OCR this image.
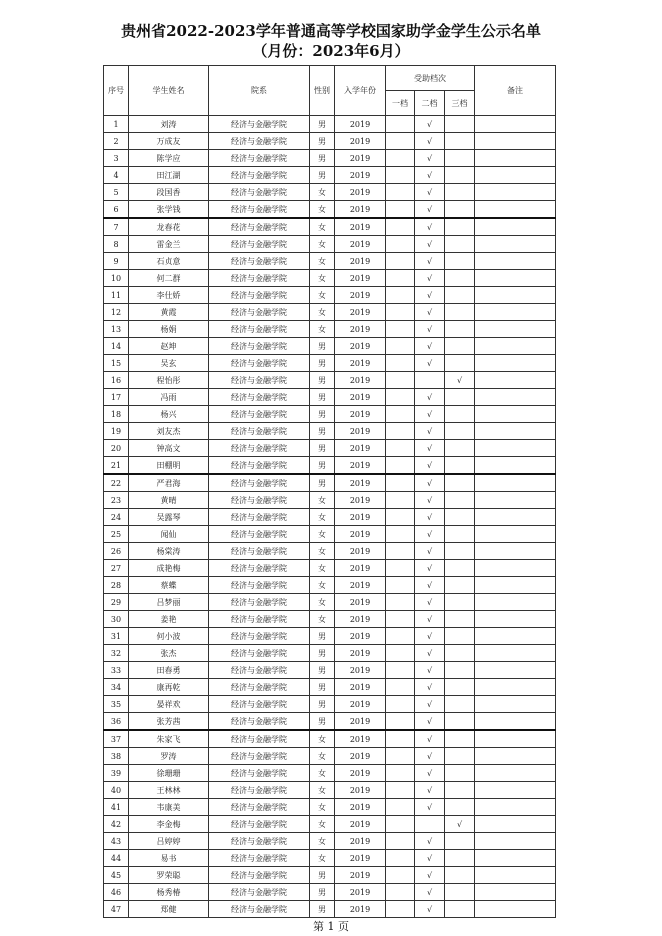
贵州省2022-2023学年普通高等学校国家助学金学生公示名单
（月份：2023年6月）
序号	学生姓名	院系	性别	入学年份	受助档次			备注
					一档	二档	三档	
1	刘涛	经济与金融学院	男	2019		√		
2	万成友	经济与金融学院	男	2019		√		
3	陈学应	经济与金融学院	男	2019		√		
4	田江湖	经济与金融学院	男	2019		√		
5	段国香	经济与金融学院	女	2019		√		
6	张学钱	经济与金融学院	女	2019		√		
7	龙春花	经济与金融学院	女	2019		√		
8	雷金兰	经济与金融学院	女	2019		√		
9	石贞意	经济与金融学院	女	2019		√		
10	何二群	经济与金融学院	女	2019		√		
11	李仕娇	经济与金融学院	女	2019		√		
12	黄霞	经济与金融学院	女	2019		√		
13	杨娟	经济与金融学院	女	2019		√		
14	赵坤	经济与金融学院	男	2019		√		
15	吴玄	经济与金融学院	男	2019		√		
16	程怡彤	经济与金融学院	男	2019			√	
17	冯雨	经济与金融学院	男	2019		√		
18	杨兴	经济与金融学院	男	2019		√		
19	刘友杰	经济与金融学院	男	2019		√		
20	钟高文	经济与金融学院	男	2019		√		
21	田棚明	经济与金融学院	男	2019		√		
22	严君海	经济与金融学院	男	2019		√		
23	黄晴	经济与金融学院	女	2019		√		
24	吴露琴	经济与金融学院	女	2019		√		
25	闻仙	经济与金融学院	女	2019		√		
26	杨棠涛	经济与金融学院	女	2019		√		
27	成艳梅	经济与金融学院	女	2019		√		
28	蔡蝶	经济与金融学院	女	2019		√		
29	吕梦丽	经济与金融学院	女	2019		√		
30	姜艳	经济与金融学院	女	2019		√		
31	何小波	经济与金融学院	男	2019		√		
32	张杰	经济与金融学院	男	2019		√		
33	田春勇	经济与金融学院	男	2019		√		
34	康再乾	经济与金融学院	男	2019		√		
35	晏祥欢	经济与金融学院	男	2019		√		
36	张芳茜	经济与金融学院	男	2019		√		
37	朱家飞	经济与金融学院	女	2019		√		
38	罗涛	经济与金融学院	女	2019		√		
39	徐珊珊	经济与金融学院	女	2019		√		
40	王林林	经济与金融学院	女	2019		√		
41	韦康美	经济与金融学院	女	2019		√		
42	李金梅	经济与金融学院	女	2019			√	
43	吕婷婷	经济与金融学院	女	2019		√		
44	易书	经济与金融学院	女	2019		√		
45	罗荣聪	经济与金融学院	男	2019		√		
46	杨秀椿	经济与金融学院	男	2019		√		
47	郑健	经济与金融学院	男	2019		√		
第 1 页
